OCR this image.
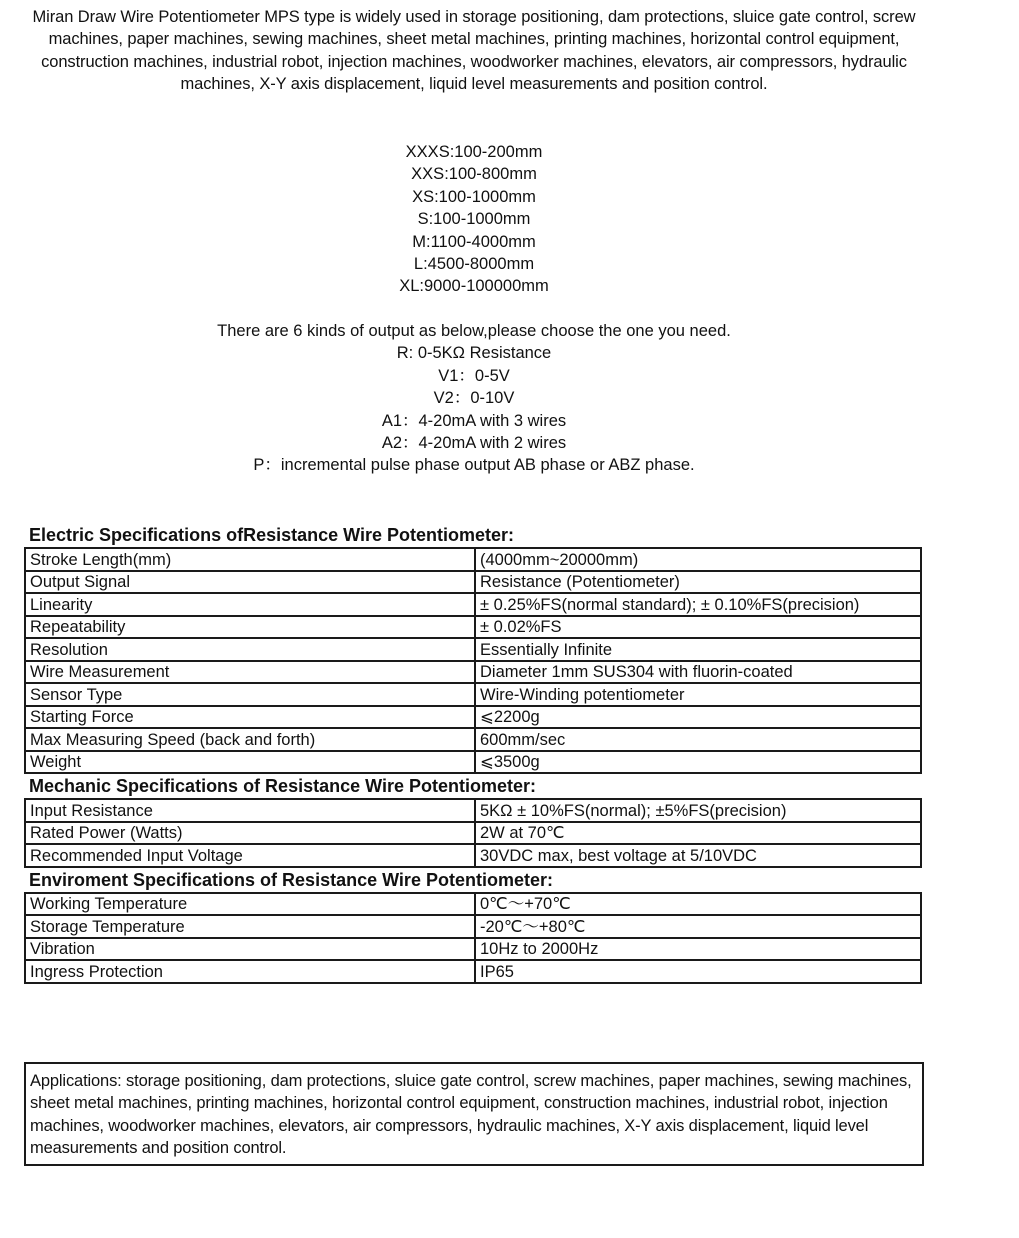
Miran Draw Wire Potentiometer MPS type is widely used in storage positioning, dam protections, sluice gate control, screw machines, paper machines, sewing machines, sheet metal machines, printing machines, horizontal control equipment, construction machines, industrial robot, injection machines, woodworker machines, elevators, air compressors, hydraulic machines, X-Y axis displacement, liquid level measurements and position control.
XXXS:100-200mm
XXS:100-800mm
XS:100-1000mm
S:100-1000mm
M:1100-4000mm
L:4500-8000mm
XL:9000-100000mm
There are 6 kinds of output as below,please choose the one you need.
R: 0-5KΩ Resistance
V1：0-5V
V2：0-10V
A1：4-20mA with 3 wires
A2：4-20mA with 2 wires
P：incremental pulse phase output AB phase or ABZ phase.
Electric Specifications ofResistance Wire Potentiometer:
Stroke Length(mm)	(4000mm~20000mm)
Output Signal	Resistance (Potentiometer)
Linearity	± 0.25%FS(normal standard); ± 0.10%FS(precision)
Repeatability	± 0.02%FS
Resolution	Essentially Infinite
Wire Measurement	Diameter 1mm SUS304 with fluorin-coated
Sensor Type	Wire-Winding potentiometer
Starting Force	⩽2200g
Max Measuring Speed (back and forth)	600mm/sec
Weight	⩽3500g
Mechanic Specifications of Resistance Wire Potentiometer:
Input Resistance	5KΩ ± 10%FS(normal); ±5%FS(precision)
Rated Power (Watts)	2W at 70℃
Recommended Input Voltage	30VDC max, best voltage at 5/10VDC
Enviroment Specifications of Resistance Wire Potentiometer:
Working Temperature	0℃～+70℃
Storage Temperature	-20℃～+80℃
Vibration	10Hz to 2000Hz
Ingress Protection	IP65
Applications: storage positioning, dam protections, sluice gate control, screw machines, paper machines, sewing machines, sheet metal machines, printing machines, horizontal control equipment, construction machines, industrial robot, injection machines, woodworker machines, elevators, air compressors, hydraulic machines, X-Y axis displacement, liquid level measurements and position control.
